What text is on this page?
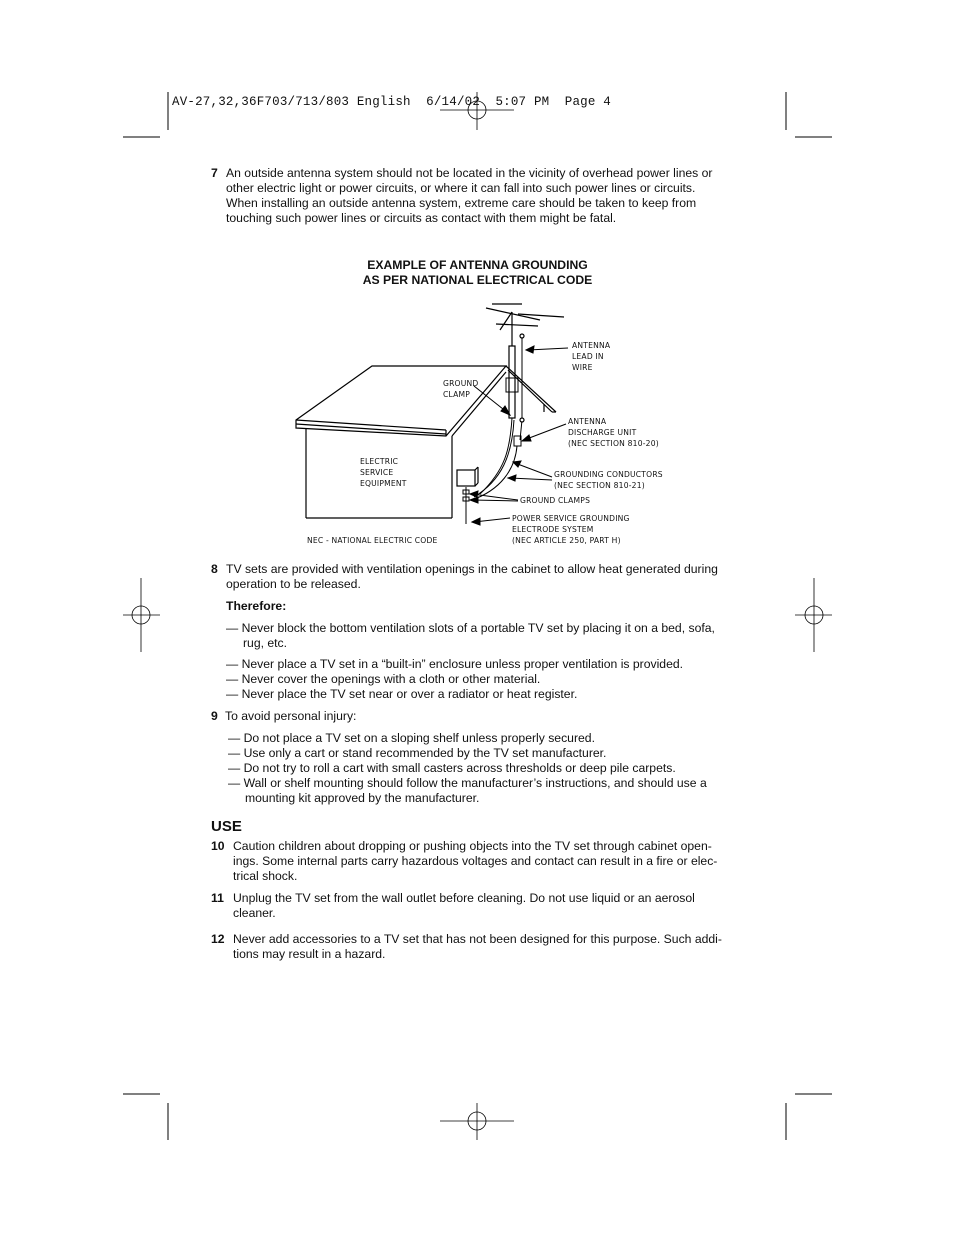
AV-27,32,36F703/713/803 English  6/14/02  5:07 PM  Page 4
7 An outside antenna system should not be located in the vicinity of overhead power lines or
other electric light or power circuits, or where it can fall into such power lines or circuits.
When installing an outside antenna system, extreme care should be taken to keep from
touching such power lines or circuits as contact with them might be fatal.
EXAMPLE OF ANTENNA GROUNDING
AS PER NATIONAL ELECTRICAL CODE
ANTENNA
LEAD IN
WIRE
GROUND
CLAMP
ANTENNA
DISCHARGE UNIT
(NEC SECTION 810-20)
ELECTRIC
SERVICE
EQUIPMENT
GROUNDING CONDUCTORS
(NEC SECTION 810-21)
GROUND CLAMPS
POWER SERVICE GROUNDING
ELECTRODE SYSTEM
(NEC ARTICLE 250, PART H)
NEC - NATIONAL ELECTRIC CODE
8 TV sets are provided with ventilation openings in the cabinet to allow heat generated during
operation to be released.
Therefore:
— Never block the bottom ventilation slots of a portable TV set by placing it on a bed, sofa,
rug, etc.
— Never place a TV set in a “built-in” enclosure unless proper ventilation is provided.
— Never cover the openings with a cloth or other material.
— Never place the TV set near or over a radiator or heat register.
9 To avoid personal injury:
— Do not place a TV set on a sloping shelf unless properly secured.
— Use only a cart or stand recommended by the TV set manufacturer.
— Do not try to roll a cart with small casters across thresholds or deep pile carpets.
— Wall or shelf mounting should follow the manufacturer’s instructions, and should use a
mounting kit approved by the manufacturer.
USE
10 Caution children about dropping or pushing objects into the TV set through cabinet open-
ings. Some internal parts carry hazardous voltages and contact can result in a fire or elec-
trical shock.
11 Unplug the TV set from the wall outlet before cleaning. Do not use liquid or an aerosol
cleaner.
12 Never add accessories to a TV set that has not been designed for this purpose. Such addi-
tions may result in a hazard.
